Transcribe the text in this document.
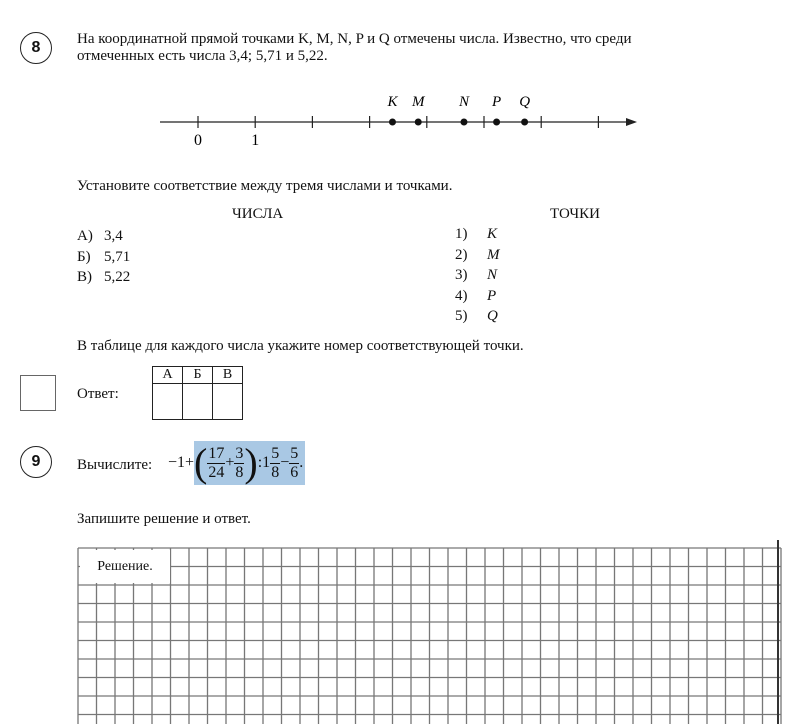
8	На координатной прямой точками K, M, N, P и Q отмечены числа. Известно, что среди
отмеченных есть числа 3,4; 5,71 и 5,22.
0	1
K M N P Q
Установите соответствие между тремя числами и точками.
ЧИСЛА	ТОЧКИ
А) 3,4
Б) 5,71
В) 5,22
1) K
2) M
3) N
4) P
5) Q
В таблице для каждого числа укажите номер соответствующей точки.
Ответ:
А	Б	В

9	Вычислите: −1+ ( $\frac{17}{24} + \frac{3}{8}$ ) :1 $\frac{5}{8} - \frac{5}{6}$ .
Запишите решение и ответ.
Решение.
